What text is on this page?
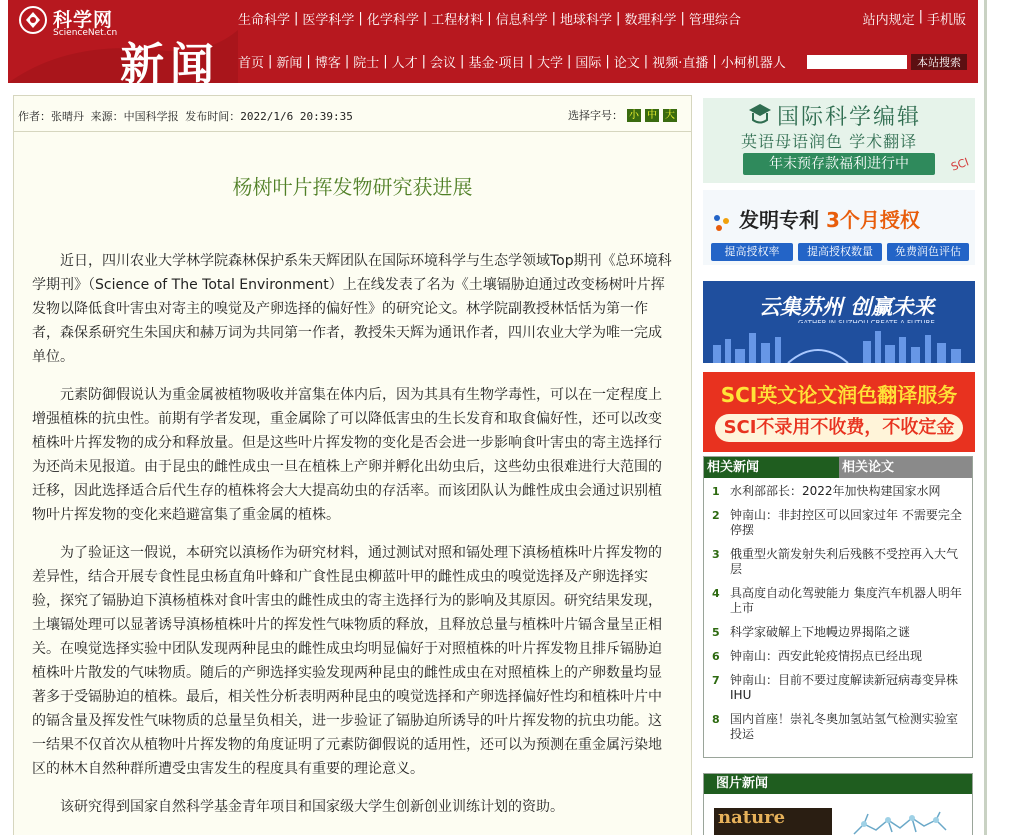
科学网
ScienceNet.cn
新闻
生命科学 | 医学科学 | 化学科学 | 工程材料 | 信息科学 | 地球科学 | 数理科学 | 管理综合	站内规定 | 手机版
首页 | 新闻 | 博客 | 院士 | 人才 | 会议 | 基金·项目 | 大学 | 国际 | 论文 | 视频·直播 | 小柯机器人	本站搜索
作者：张晴丹 来源：中国科学报 发布时间：2022/1/6 20:39:35	选择字号： 小 中 大
杨树叶片挥发物研究获进展

近日，四川农业大学林学院森林保护系朱天辉团队在国际环境科学与生态学领域Top期刊《总环境科学期刊》（Science of The Total Environment）上在线发表了名为《土壤镉胁迫通过改变杨树叶片挥发物以降低食叶害虫对寄主的嗅觉及产卵选择的偏好性》的研究论文。林学院副教授林恬恬为第一作者，森保系研究生朱国庆和赫万词为共同第一作者，教授朱天辉为通讯作者，四川农业大学为唯一完成单位。

元素防御假说认为重金属被植物吸收并富集在体内后，因为其具有生物学毒性，可以在一定程度上增强植株的抗虫性。前期有学者发现，重金属除了可以降低害虫的生长发育和取食偏好性，还可以改变植株叶片挥发物的成分和释放量。但是这些叶片挥发物的变化是否会进一步影响食叶害虫的寄主选择行为还尚未见报道。由于昆虫的雌性成虫一旦在植株上产卵并孵化出幼虫后，这些幼虫很难进行大范围的迁移，因此选择适合后代生存的植株将会大大提高幼虫的存活率。而该团队认为雌性成虫会通过识别植物叶片挥发物的变化来趋避富集了重金属的植株。

为了验证这一假说，本研究以滇杨作为研究材料，通过测试对照和镉处理下滇杨植株叶片挥发物的差异性，结合开展专食性昆虫杨直角叶蜂和广食性昆虫柳蓝叶甲的雌性成虫的嗅觉选择及产卵选择实验，探究了镉胁迫下滇杨植株对食叶害虫的雌性成虫的寄主选择行为的影响及其原因。研究结果发现，土壤镉处理可以显著诱导滇杨植株叶片的挥发性气味物质的释放，且释放总量与植株叶片镉含量呈正相关。在嗅觉选择实验中团队发现两种昆虫的雌性成虫均明显偏好于对照植株的叶片挥发物且排斥镉胁迫植株叶片散发的气味物质。随后的产卵选择实验发现两种昆虫的雌性成虫在对照植株上的产卵数量均显著多于受镉胁迫的植株。最后，相关性分析表明两种昆虫的嗅觉选择和产卵选择偏好性均和植株叶片中的镉含量及挥发性气味物质的总量呈负相关，进一步验证了镉胁迫所诱导的叶片挥发物的抗虫功能。这一结果不仅首次从植物叶片挥发物的角度证明了元素防御假说的适用性，还可以为预测在重金属污染地区的林木自然种群所遭受虫害发生的程度具有重要的理论意义。

该研究得到国家自然科学基金青年项目和国家级大学生创新创业训练计划的资助。

国际科学编辑
英语母语润色 学术翻译
年末预存款福利进行中	SCI
发明专利 3个月授权
提高授权率	提高授权数量	免费润色评估
云集苏州 创赢未来
SCI英文论文润色翻译服务
SCI不录用不收费，不收定金
相关新闻	相关论文
1 水利部部长：2022年加快构建国家水网
2 钟南山：非封控区可以回家过年 不需要完全停摆
3 俄重型火箭发射失利后残骸不受控再入大气层
4 具高度自动化驾驶能力 集度汽车机器人明年上市
5 科学家破解上下地幔边界揭陷之谜
6 钟南山：西安此轮疫情拐点已经出现
7 钟南山：目前不要过度解读新冠病毒变异株IHU
8 国内首座！崇礼冬奥加氢站氢气检测实验室投运
图片新闻
nature
